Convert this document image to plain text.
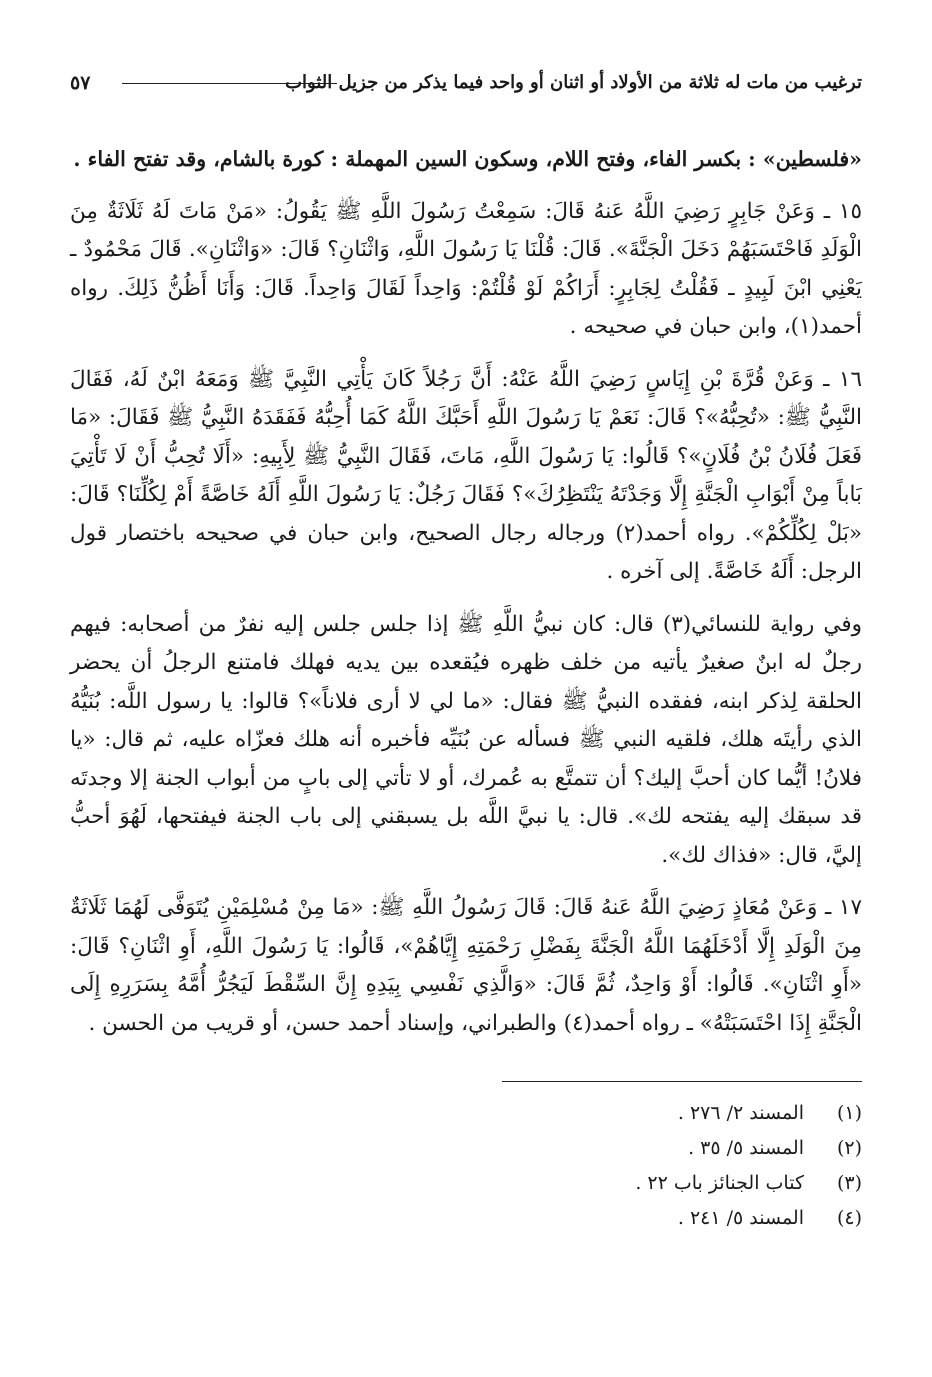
ترغيب من مات له ثلاثة من الأولاد أو اثنان أو واحد فيما يذكر من جزيل الثواب
٥٧

«فلسطين» : بكسر الفاء، وفتح اللام، وسكون السين المهملة : كورة بالشام، وقد تفتح الفاء .

١٥ ـ وَعَنْ جَابِرٍ رَضِيَ اللَّهُ عَنهُ قَالَ: سَمِعْتُ رَسُولَ اللَّهِ ﷺ يَقُولُ: «مَنْ مَاتَ لَهُ ثَلَاثَةٌ مِنَ الْوَلَدِ فَاحْتَسَبَهُمْ دَخَلَ الْجَنَّةَ». قَالَ: قُلْنَا يَا رَسُولَ اللَّهِ، وَاثْنَانِ؟ قَالَ: «وَاثْنَانِ». قَالَ مَحْمُودٌ ـ يَعْنِي ابْنَ لَبِيدٍ ـ فَقُلْتُ لِجَابِرٍ: أَرَاكُمْ لَوْ قُلْتُمْ: وَاحِداً لَقَالَ وَاحِداً. قَالَ: وَأَنَا أَظُنُّ ذَلِكَ. رواه أحمد(١)، وابن حبان في صحيحه .

١٦ ـ وَعَنْ قُرَّةَ بْنِ إِيَاسٍ رَضِيَ اللَّهُ عَنْهُ: أَنَّ رَجُلاً كَانَ يَأْتِي النَّبِيَّ ﷺ وَمَعَهُ ابْنٌ لَهُ، فَقَالَ النَّبِيُّ ﷺ: «تُحِبُّهُ»؟ قَالَ: نَعَمْ يَا رَسُولَ اللَّهِ أَحَبَّكَ اللَّهُ كَمَا أُحِبُّهُ فَفَقَدَهُ النَّبِيُّ ﷺ فَقَالَ: «مَا فَعَلَ فُلَانُ بْنُ فُلَانٍ»؟ قَالُوا: يَا رَسُولَ اللَّهِ، مَاتَ، فَقَالَ النَّبِيُّ ﷺ لِأَبِيهِ: «أَلَا تُحِبُّ أَنْ لَا تَأْتِيَ بَاباً مِنْ أَبْوَابِ الْجَنَّةِ إِلَّا وَجَدْتَهُ يَنْتَظِرُكَ»؟ فَقَالَ رَجُلٌ: يَا رَسُولَ اللَّهِ أَلَهُ خَاصَّةً أَمْ لِكُلِّنَا؟ قَالَ: «بَلْ لِكُلِّكُمْ». رواه أحمد(٢) ورجاله رجال الصحيح، وابن حبان في صحيحه باختصار قول الرجل: أَلَهُ خَاصَّةً. إلى آخره .

وفي رواية للنسائي(٣) قال: كان نبيُّ اللَّهِ ﷺ إذا جلس جلس إليه نفرٌ من أصحابه: فيهم رجلٌ له ابنٌ صغيرٌ يأتيه من خلف ظهره فيُقعده بين يديه فهلك فامتنع الرجلُ أن يحضر الحلقة لِذكر ابنه، ففقده النبيُّ ﷺ فقال: «ما لي لا أرى فلاناً»؟ قالوا: يا رسول اللَّه: بُنَيُّهُ الذي رأيتَه هلك، فلقيه النبي ﷺ فسأله عن بُنَيِّه فأخبره أنه هلك فعزّاه عليه، ثم قال: «يا فلانُ! أيُّما كان أحبَّ إليك؟ أن تتمتَّع به عُمرك، أو لا تأتي إلى بابٍ من أبواب الجنة إلا وجدتَه قد سبقك إليه يفتحه لك». قال: يا نبيَّ اللَّه بل يسبقني إلى باب الجنة فيفتحها، لَهُوَ أحبُّ إليَّ، قال: «فذاك لك».

١٧ ـ وَعَنْ مُعَاذٍ رَضِيَ اللَّهُ عَنهُ قَالَ: قَالَ رَسُولُ اللَّهِ ﷺ: «مَا مِنْ مُسْلِمَيْنِ يُتَوَفَّى لَهُمَا ثَلَاثَةٌ مِنَ الْوَلَدِ إِلَّا أَدْخَلَهُمَا اللَّهُ الْجَنَّةَ بِفَضْلِ رَحْمَتِهِ إِيَّاهُمْ»، قَالُوا: يَا رَسُولَ اللَّهِ، أَوِ اثْنَانِ؟ قَالَ: «أَوِ اثْنَانِ». قَالُوا: أَوْ وَاحِدٌ، ثُمَّ قَالَ: «وَالَّذِي نَفْسِي بِيَدِهِ إِنَّ السِّقْطَ لَيَجُرُّ أُمَّهُ بِسَرَرِهِ إِلَى الْجَنَّةِ إِذَا احْتَسَبَتْهُ» ـ رواه أحمد(٤) والطبراني، وإسناد أحمد حسن، أو قريب من الحسن .

(١)المسند ٢/ ٢٧٦ .
(٢)المسند ٥/ ٣٥ .
(٣)كتاب الجنائز باب ٢٢ .
(٤)المسند ٥/ ٢٤١ .
